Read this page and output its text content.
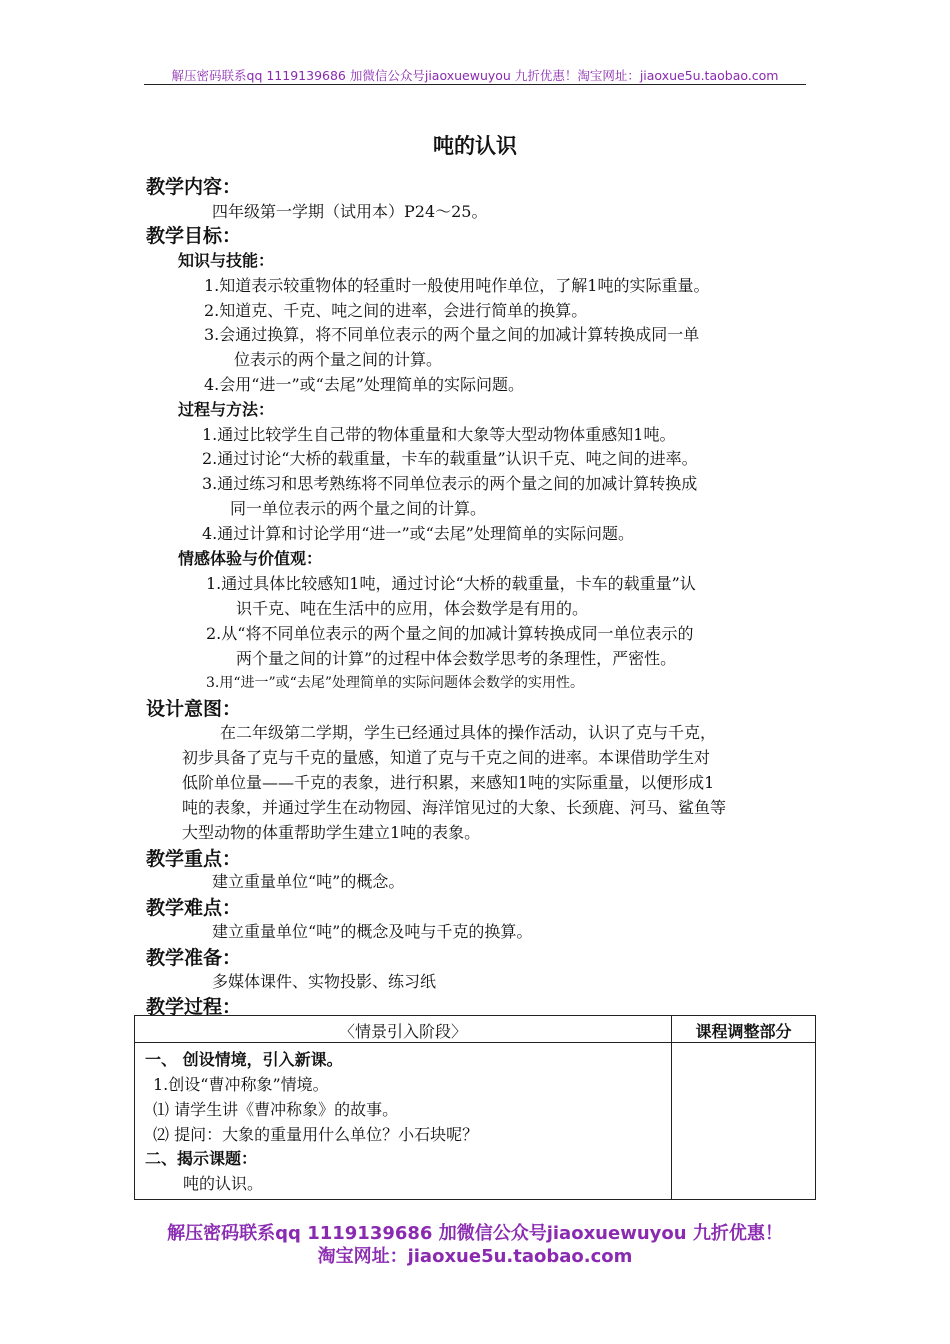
解压密码联系qq 1119139686 加微信公众号jiaoxuewuyou 九折优惠！淘宝网址：jiaoxue5u.taobao.com
吨的认识
教学内容：
四年级第一学期（试用本）P24～25。
教学目标：
知识与技能：
1.知道表示较重物体的轻重时一般使用吨作单位，了解1吨的实际重量。
2.知道克、千克、吨之间的进率，会进行简单的换算。
3.会通过换算，将不同单位表示的两个量之间的加减计算转换成同一单
位表示的两个量之间的计算。
4.会用“进一”或“去尾”处理简单的实际问题。
过程与方法：
1.通过比较学生自己带的物体重量和大象等大型动物体重感知1吨。
2.通过讨论“大桥的载重量，卡车的载重量”认识千克、吨之间的进率。
3.通过练习和思考熟练将不同单位表示的两个量之间的加减计算转换成
同一单位表示的两个量之间的计算。
4.通过计算和讨论学用“进一”或“去尾”处理简单的实际问题。
情感体验与价值观：
1.通过具体比较感知1吨，通过讨论“大桥的载重量，卡车的载重量”认
识千克、吨在生活中的应用，体会数学是有用的。
2.从“将不同单位表示的两个量之间的加减计算转换成同一单位表示的
两个量之间的计算”的过程中体会数学思考的条理性，严密性。
3.用“进一”或“去尾”处理简单的实际问题体会数学的实用性。
设计意图：
在二年级第二学期，学生已经通过具体的操作活动，认识了克与千克，
初步具备了克与千克的量感，知道了克与千克之间的进率。本课借助学生对
低阶单位量——千克的表象，进行积累，来感知1吨的实际重量，以便形成1
吨的表象，并通过学生在动物园、海洋馆见过的大象、长颈鹿、河马、鲨鱼等
大型动物的体重帮助学生建立1吨的表象。
教学重点：
建立重量单位“吨”的概念。
教学难点：
建立重量单位“吨”的概念及吨与千克的换算。
教学准备：
多媒体课件、实物投影、练习纸
教学过程：
〈情景引入阶段〉	课程调整部分
一、 创设情境，引入新课。
1.创设“曹冲称象”情境。
⑴ 请学生讲《曹冲称象》的故事。
⑵ 提问：大象的重量用什么单位？小石块呢？
二、揭示课题：
吨的认识。
解压密码联系qq 1119139686 加微信公众号jiaoxuewuyou 九折优惠！
淘宝网址：jiaoxue5u.taobao.com
